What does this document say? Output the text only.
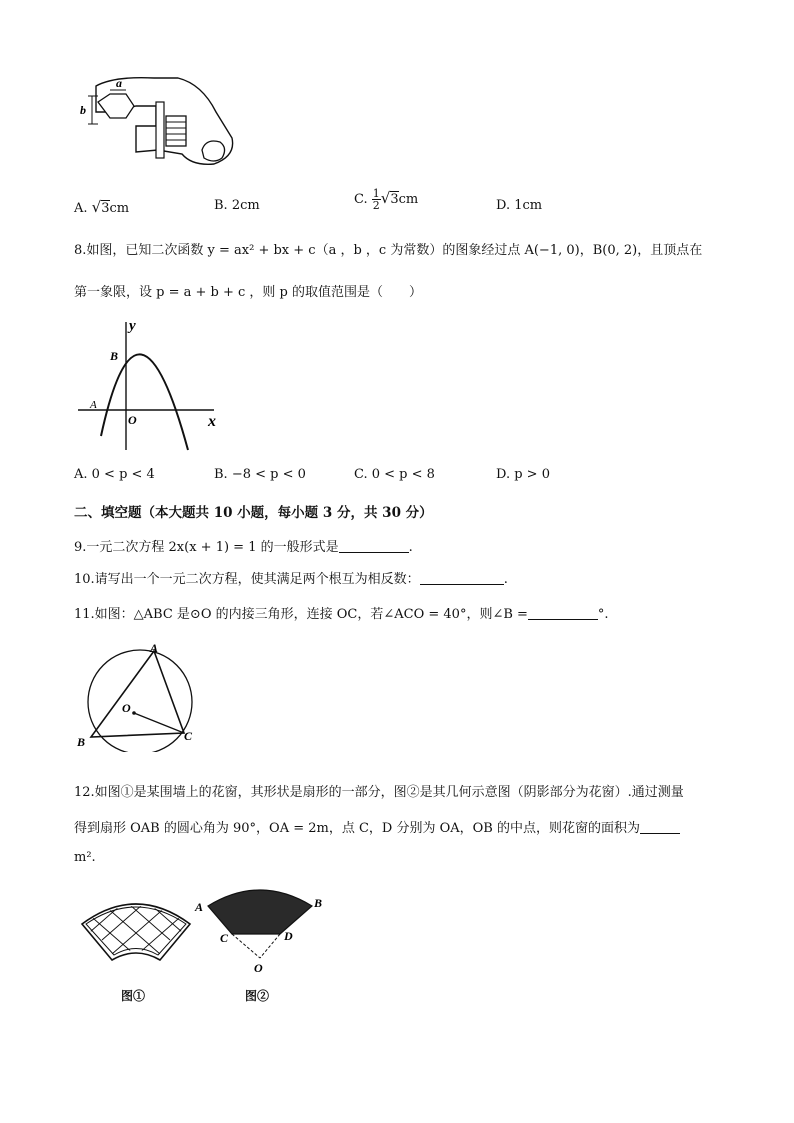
b
a
A. √3cm	B. 2cm	C. $\frac{1}{2} √3cm$	D. 1cm
8.如图，已知二次函数 y = ax² + bx + c（a ，b ，c 为常数）的图象经过点 A(−1, 0)，B(0, 2)，且顶点在
第一象限，设 p = a + b + c ，则 p 的取值范围是（　　）
y
x
B
A
O
A. 0 < p < 4	B. −8 < p < 0	C. 0 < p < 8	D. p > 0
二、填空题（本大题共 10 小题，每小题 3 分，共 30 分）
9.一元二次方程 2x(x + 1) = 1 的一般形式是	.
10.请写出一个一元二次方程，使其满足两个根互为相反数：	.
11.如图：△ABC 是⊙O 的内接三角形，连接 OC，若∠ACO = 40°，则∠B =	°.
A
B	C
O
12.如图①是某围墙上的花窗，其形状是扇形的一部分，图②是其几何示意图（阴影部分为花窗）.通过测量
得到扇形 OAB 的圆心角为 90°，OA = 2m，点 C，D 分别为 OA，OB 的中点，则花窗的面积为
m².
A	B
C	D
O
图①	图②
